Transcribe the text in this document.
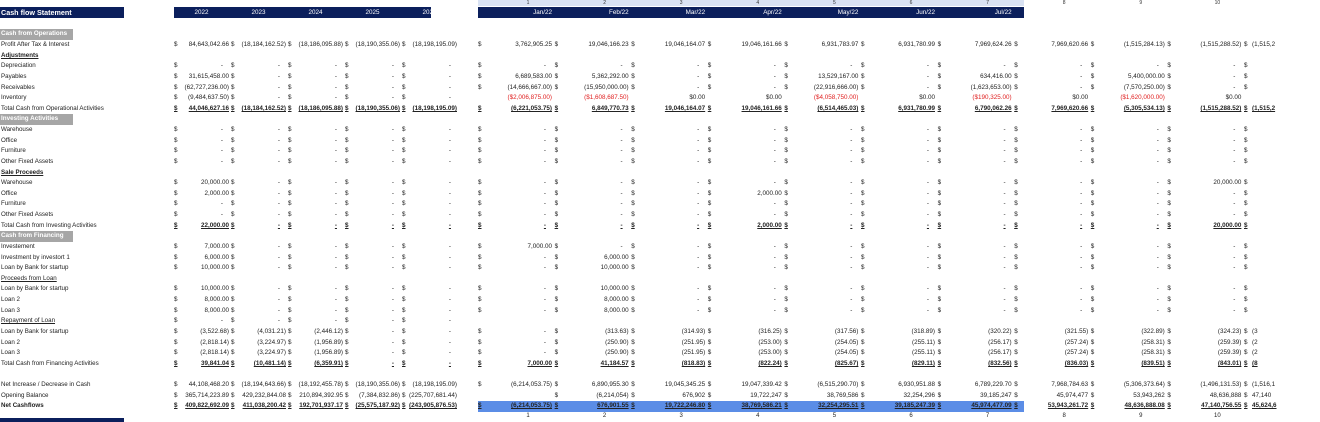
Cash flow Statement	2022	2023	2024	2025	2026	Jan/22	Feb/22	Mar/22	Apr/22	May/22	Jun/22	Jul/22	Aug/22	Sep/22	Oct/22 N
1	2	3	4	5	6	7	8	9	10
Cash from Operations
Profit After Tax & Interest	$ 84,643,042.66 $ (18,184,162.52) $ (18,186,095.88) $ (18,190,355.06) $ (18,198,195.09)	$	3,762,905.25 $	19,046,166.23 $	19,046,164.07 $	19,046,161.66 $	6,931,783.97 $	6,931,780.99 $	7,969,624.26 $	7,969,620.66 $	(1,515,284.13) $	(1,515,288.52) $ (1,515,2
Adjustments
Depreciation	$	- $	- $	- $	- $	-	$	- $	- $	- $	- $	- $	- $	- $	- $	- $	- $
Payables	$ 31,615,458.00 $	- $	- $	- $	-	$	6,689,583.00 $	5,362,292.00 $	- $	- $	13,529,167.00 $	- $	634,416.00 $	- $	5,400,000.00 $	- $
Receivables	$ (62,727,236.00) $	- $	- $	- $	-	$	(14,666,667.00) $	(15,950,000.00) $	- $	- $	(22,916,666.00) $	- $	(1,623,653.00) $	- $	(7,570,250.00) $	- $
Inventory	$ (9,484,637.50) $	- $	- $	- $	-	($2,006,875.00)	($1,608,687.50)	$0.00	$0.00	($4,058,750.00)	$0.00	($190,325.00)	$0.00	($1,620,000.00)	$0.00
Total Cash from Operational Activities	$ 44,046,627.16 $ (18,184,162.52) $ (18,186,095.88) $ (18,190,355.06) $ (18,198,195.09)	$	(6,221,053.75) $	6,849,770.73 $	19,046,164.07 $	19,046,161.66 $	(6,514,465.03) $	6,931,780.99 $	6,790,062.26 $	7,969,620.66 $	(5,305,534.13) $	(1,515,288.52) $ (1,515,2
Investing Activities
Warehouse	$	- $	- $	- $	- $	-	$	- $	- $	- $	- $	- $	- $	- $	- $	- $	- $
Office	$	- $	- $	- $	- $	-	$	- $	- $	- $	- $	- $	- $	- $	- $	- $	- $
Furniture	$	- $	- $	- $	- $	-	$	- $	- $	- $	- $	- $	- $	- $	- $	- $	- $
Other Fixed Assets	$	- $	- $	- $	- $	-	$	- $	- $	- $	- $	- $	- $	- $	- $	- $	- $
Sale Proceeds
Warehouse	$	20,000.00 $	- $	- $	- $	-	$	- $	- $	- $	- $	- $	- $	- $	- $	- $	20,000.00 $
Office	$	2,000.00 $	- $	- $	- $	-	$	- $	- $	- $	2,000.00 $	- $	- $	- $	- $	- $	- $
Furniture	$	- $	- $	- $	- $	-	$	- $	- $	- $	- $	- $	- $	- $	- $	- $	- $
Other Fixed Assets	$	- $	- $	- $	- $	-	$	- $	- $	- $	- $	- $	- $	- $	- $	- $	- $
Total Cash from Investing Activities	$	22,000.00 $	- $	- $	- $	-	$	- $	- $	- $	2,000.00 $	- $	- $	- $	- $	- $	20,000.00 $
Cash from Financing
Investement	$	7,000.00 $	- $	- $	- $	-	$	7,000.00 $	- $	- $	- $	- $	- $	- $	- $	- $	- $
Investment by investort 1	$	6,000.00 $	- $	- $	- $	-	$	- $	6,000.00 $	- $	- $	- $	- $	- $	- $	- $	- $
Loan by Bank for startup	$	10,000.00 $	- $	- $	- $	-	$	- $	10,000.00 $	- $	- $	- $	- $	- $	- $	- $	- $
Proceeds from Loan
Loan by Bank for startup	$	10,000.00 $	- $	- $	- $	-	$	- $	10,000.00 $	- $	- $	- $	- $	- $	- $	- $	- $
Loan 2	$	8,000.00 $	- $	- $	- $	-	$	- $	8,000.00 $	- $	- $	- $	- $	- $	- $	- $	- $
Loan 3	$	8,000.00 $	- $	- $	- $	-	$	- $	8,000.00 $	- $	- $	- $	- $	- $	- $	- $	- $
Repayment of Loan	$	- $	- $	- $	- $	-
Loan by Bank for startup	$	(3,522.68) $	(4,031.21) $	(2,446.12) $	- $	-	$	- $	(313.63) $	(314.93) $	(316.25) $	(317.56) $	(318.89) $	(320.22) $	(321.55) $	(322.89) $	(324.23) $ (3
Loan 2	$	(2,818.14) $	(3,224.97) $	(1,956.89) $	- $	-	$	- $	(250.90) $	(251.95) $	(253.00) $	(254.05) $	(255.11) $	(256.17) $	(257.24) $	(258.31) $	(259.39) $ (2
Loan 3	$	(2,818.14) $	(3,224.97) $	(1,956.89) $	- $	-	$	- $	(250.90) $	(251.95) $	(253.00) $	(254.05) $	(255.11) $	(256.17) $	(257.24) $	(258.31) $	(259.39) $ (2
Total Cash from Financing Activities	$	39,841.04 $	(10,481.14) $	(6,359.91) $	- $	-	$	7,000.00 $	41,184.57 $	(818.83) $	(822.24) $	(825.67) $	(829.11) $	(832.56) $	(836.03) $	(839.51) $	(843.01) $ (8
Net Increase / Decrease in Cash	$ 44,108,468.20 $ (18,194,643.66) $ (18,192,455.78) $ (18,190,355.06) $ (18,198,195.09)	$	(6,214,053.75) $	6,890,955.30 $	19,045,345.25 $	19,047,339.42 $	(6,515,290.70) $	6,930,951.88 $	6,789,229.70 $	7,968,784.63 $	(5,306,373.64) $	(1,496,131.53) $ (1,516,1
Opening Balance	$ 365,714,223.89 $ 429,232,844.08 $ 210,894,392.95 $ (7,384,832.86) $ (225,707,681.44)	$	(6,214,054) $	676,902 $	19,722,247 $	38,769,586 $	32,254,296 $	39,185,247 $	45,974,477 $	53,943,262 $	48,636,888 $ 47,140
Net Cashflows	$ 409,822,692.09 $ 411,038,200.42 $ 192,701,937.17 $ (25,575,187.92) $ (243,905,876.53)	$	(6,214,053.75) $	676,901.55 $	19,722,246.80 $	38,769,586.21 $	32,254,295.51 $	39,185,247.39 $	45,974,477.09 $	53,943,261.72 $	48,636,888.08 $	47,140,756.55 $ 45,624,6
1	2	3	4	5	6	7	8	9	10
